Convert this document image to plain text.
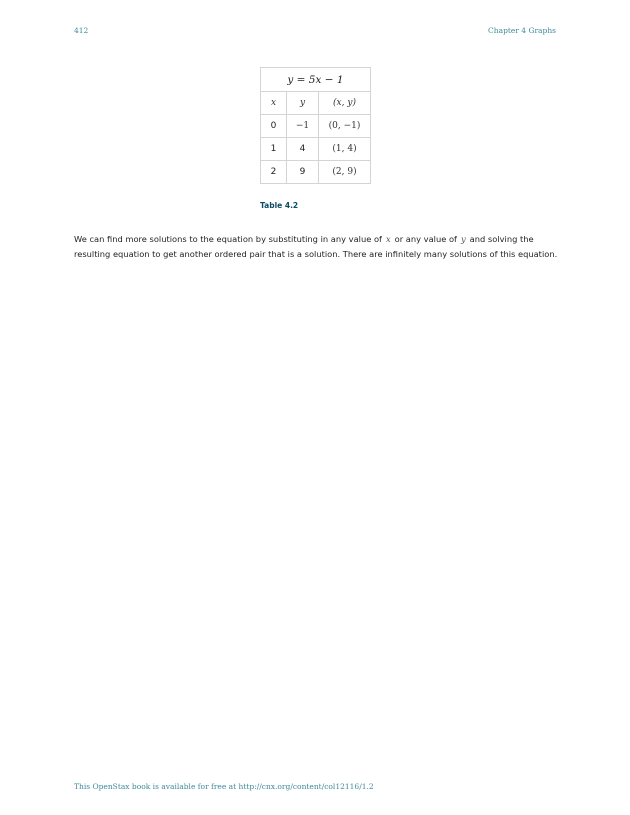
412	Chapter 4 Graphs
y = 5x − 1		
x	y	(x, y)
0	−1	(0, −1)
1	4	(1, 4)
2	9	(2, 9)
Table 4.2

We can find more solutions to the equation by substituting in any value of x or any value of y and solving the resulting equation to get another ordered pair that is a solution. There are infinitely many solutions of this equation.

This OpenStax book is available for free at http://cnx.org/content/col12116/1.2
